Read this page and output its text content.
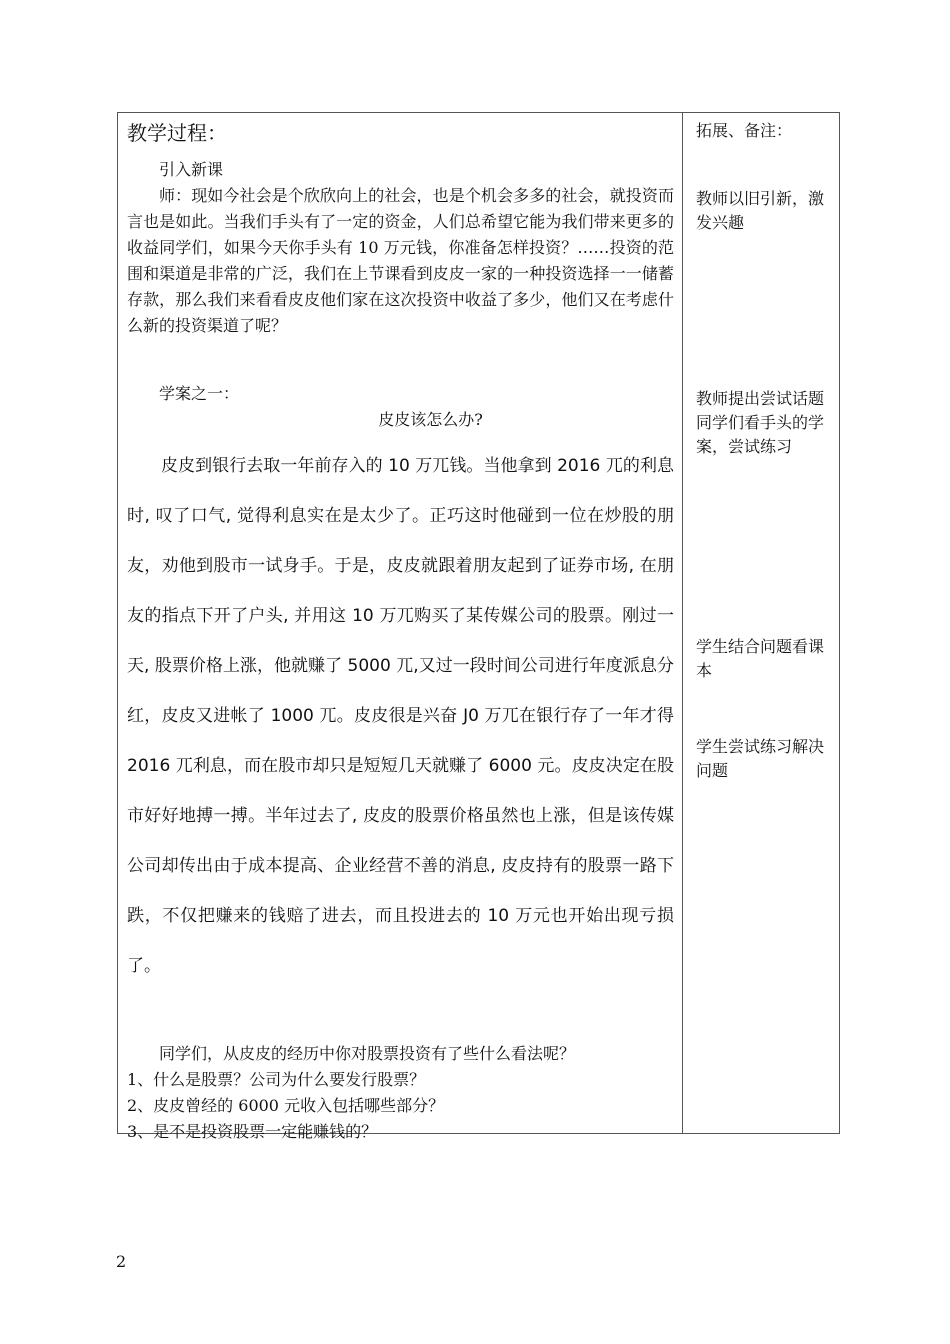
教学过程：

引入新课

师：现如今社会是个欣欣向上的社会，也是个机会多多的社会，就投资而言也是如此。当我们手头有了一定的资金，人们总希望它能为我们带来更多的收益同学们，如果今天你手头有 10 万元钱，你准备怎样投资？……投资的范围和渠道是非常的广泛，我们在上节课看到皮皮一家的一种投资选择一一储蓄存款，那么我们来看看皮皮他们家在这次投资中收益了多少，他们又在考虑什么新的投资渠道了呢？

学案之一：

皮皮该怎么办?

皮皮到银行去取一年前存入的 10 万兀钱。当他拿到 2016 兀的利息时, 叹了口气, 觉得利息实在是太少了。正巧这时他碰到一位在炒股的朋友，劝他到股市一试身手。于是，皮皮就跟着朋友起到了证券市场, 在朋友的指点下开了户头, 并用这 10 万兀购买了某传媒公司的股票。刚过一天, 股票价格上涨，他就赚了 5000 兀,又过一段时间公司进行年度派息分红，皮皮又进帐了 1000 兀。皮皮很是兴奋 J0 万兀在银行存了一年才得 2016 兀利息，而在股市却只是短短几天就赚了 6000 元。皮皮决定在股市好好地搏一搏。半年过去了, 皮皮的股票价格虽然也上涨，但是该传媒公司却传出由于成本提高、企业经营不善的消息, 皮皮持有的股票一路下跌，不仅把赚来的钱赔了进去，而且投进去的 10 万元也开始出现亏损了。

同学们，从皮皮的经历中你对股票投资有了些什么看法呢？

1、什么是股票？公司为什么要发行股票？

2、皮皮曾经的 6000 元收入包括哪些部分？

3、是不是投资股票一定能赚钱的？

拓展、备注：
教师以旧引新，激发兴趣
教师提出尝试话题
同学们看手头的学案，尝试练习
学生结合问题看课本
学生尝试练习解决问题
2
